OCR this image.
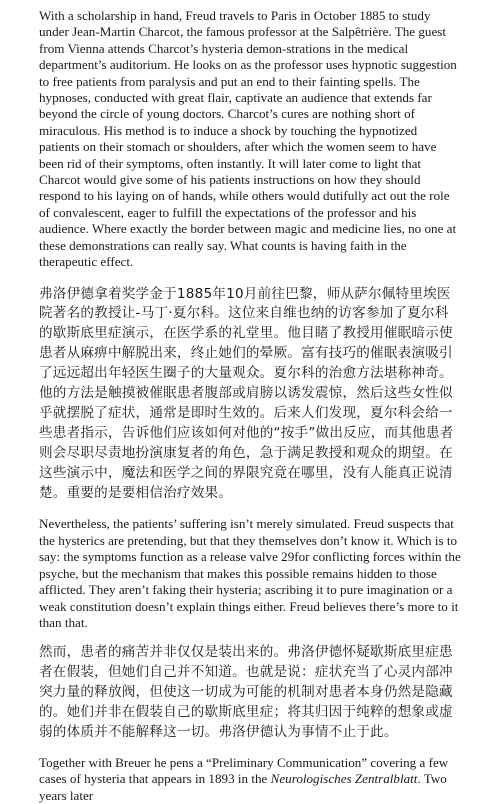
With a scholarship in hand, Freud travels to Paris in October 1885 to study under Jean-Martin Charcot, the famous professor at the Salpêtrière. The guest from Vienna attends Charcot’s hysteria demon-strations in the medical department’s auditorium. He looks on as the professor uses hypnotic suggestion to free patients from paralysis and put an end to their fainting spells. The hypnoses, conducted with great flair, captivate an audience that extends far beyond the circle of young doctors. Charcot’s cures are nothing short of miraculous. His method is to induce a shock by touching the hypnotized patients on their stomach or shoulders, after which the women seem to have been rid of their symptoms, often instantly. It will later come to light that Charcot would give some of his patients instructions on how they should respond to his laying on of hands, while others would dutifully act out the role of convalescent, eager to fulfill the expectations of the professor and his audience. Where exactly the border between magic and medicine lies, no one at these demonstrations can really say. What counts is having faith in the therapeutic effect.

弗洛伊德拿着奖学金于1885年10月前往巴黎，师从萨尔佩特里埃医院著名的教授让-马丁·夏尔科。这位来自维也纳的访客参加了夏尔科的歇斯底里症演示，在医学系的礼堂里。他目睹了教授用催眠暗示使患者从麻痹中解脱出来，终止她们的晕厥。富有技巧的催眠表演吸引了远远超出年轻医生圈子的大量观众。夏尔科的治愈方法堪称神奇。他的方法是触摸被催眠患者腹部或肩膀以诱发震惊，然后这些女性似乎就摆脱了症状，通常是即时生效的。后来人们发现，夏尔科会给一些患者指示，告诉他们应该如何对他的“按手”做出反应，而其他患者则会尽职尽责地扮演康复者的角色，急于满足教授和观众的期望。在这些演示中，魔法和医学之间的界限究竟在哪里，没有人能真正说清楚。重要的是要相信治疗效果。

Nevertheless, the patients’ suffering isn’t merely simulated. Freud suspects that the hysterics are pretending, but that they themselves don’t know it. Which is to say: the symptoms function as a release valve 29for conflicting forces within the psyche, but the mechanism that makes this possible remains hidden to those afflicted. They aren’t faking their hysteria; ascribing it to pure imagination or a weak constitution doesn’t explain things either. Freud believes there’s more to it than that.

然而，患者的痛苦并非仅仅是装出来的。弗洛伊德怀疑歇斯底里症患者在假装，但她们自己并不知道。也就是说：症状充当了心灵内部冲突力量的释放阀，但使这一切成为可能的机制对患者本身仍然是隐藏的。她们并非在假装自己的歇斯底里症；将其归因于纯粹的想象或虚弱的体质并不能解释这一切。弗洛伊德认为事情不止于此。

Together with Breuer he pens a “Preliminary Communication” covering a few cases of hysteria that appears in 1893 in the Neurologisches Zentralblatt. Two years later
